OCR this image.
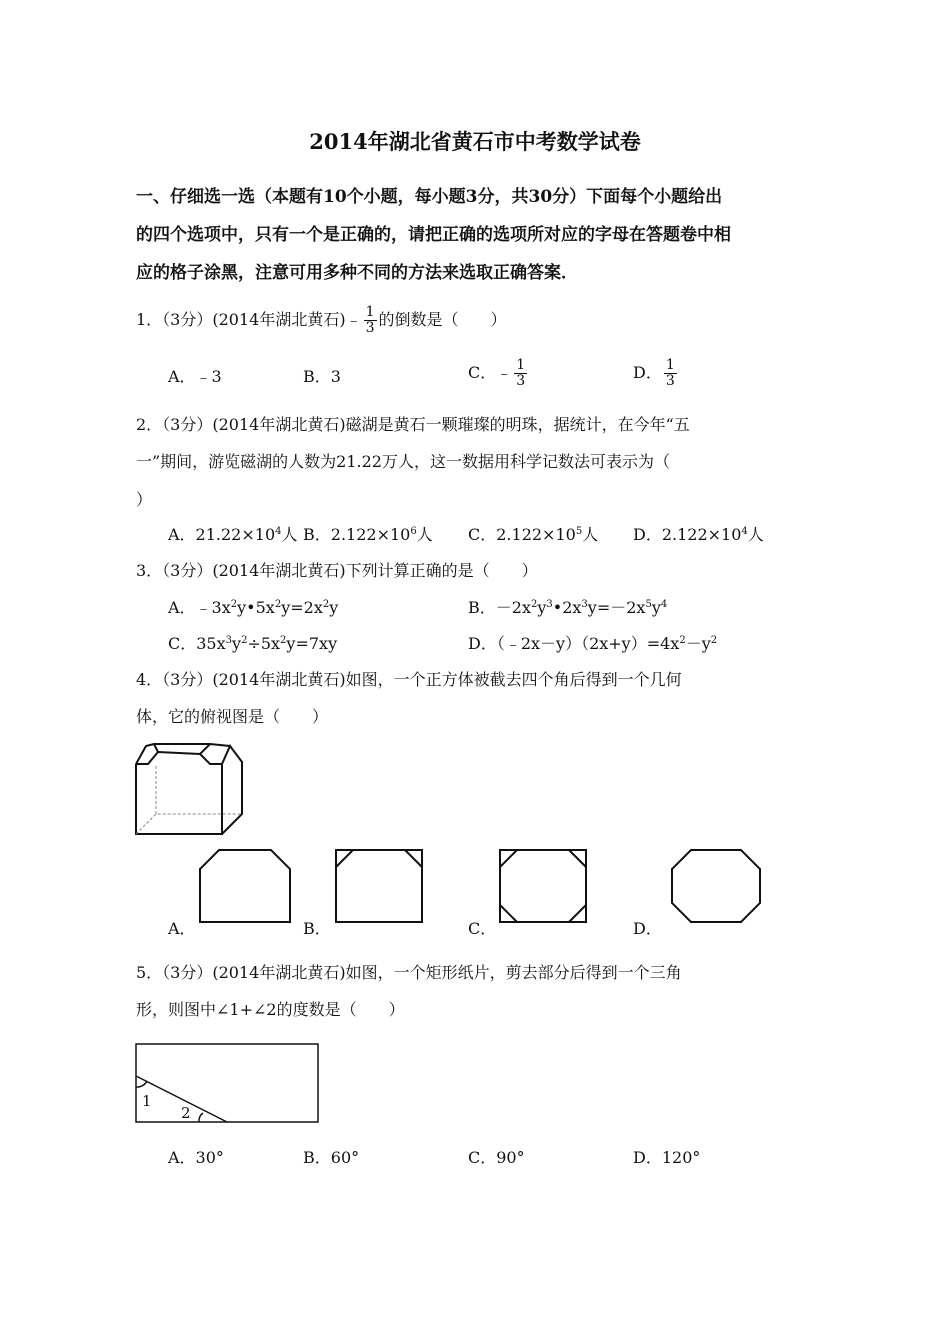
2014年湖北省黄石市中考数学试卷
一、仔细选一选（本题有10个小题，每小题3分，共30分）下面每个小题给出
的四个选项中，只有一个是正确的，请把正确的选项所对应的字母在答题卷中相
应的格子涂黑，注意可用多种不同的方法来选取正确答案．
1．（3分）(2014年湖北黄石)﹣ $\frac{1}{3}$ 的倒数是（　　）
A．﹣3	B．3	C．﹣ $\frac{1}{3}$	D． $\frac{1}{3}$
2．（3分）(2014年湖北黄石)磁湖是黄石一颗璀璨的明珠，据统计，在今年“五
一”期间，游览磁湖的人数为21.22万人，这一数据用科学记数法可表示为（
）
A．$21.22\times 10^4$人 B．$2.122\times 10^6$人 C．$2.122\times 10^5$人 D．$2.122\times 10^4$人
3．（3分）(2014年湖北黄石)下列计算正确的是（　　）
A．$﹣3x^2y•5x^2y=2x^2y$	B．$-2x^2y^3•2x^3y=-2x^5y^4$
C．$35x^3y^2\div 5x^2y=7xy$	D．$(﹣2x-y)(2x+y)=4x^2-y^2$
4．（3分）(2014年湖北黄石)如图，一个正方体被截去四个角后得到一个几何
体，它的俯视图是（　　）
A．	B．	C．	D．
5．（3分）(2014年湖北黄石)如图，一个矩形纸片，剪去部分后得到一个三角
形，则图中∠1+∠2的度数是（　　）
1
2
A．30°	B．60°	C．90°	D．120°
